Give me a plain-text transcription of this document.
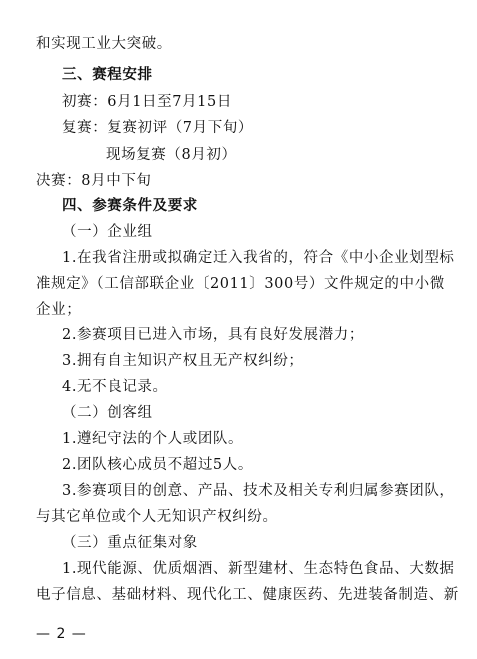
和实现工业大突破。
三、赛程安排
初赛：6月1日至7月15日
复赛：复赛初评（7月下旬）
现场复赛（8月初）
决赛：8月中下旬
四、参赛条件及要求
（一）企业组
1.在我省注册或拟确定迁入我省的，符合《中小企业划型标
准规定》（工信部联企业〔2011〕300号）文件规定的中小微
企业；
2.参赛项目已进入市场，具有良好发展潜力；
3.拥有自主知识产权且无产权纠纷；
4.无不良记录。
（二）创客组
1.遵纪守法的个人或团队。
2.团队核心成员不超过5人。
3.参赛项目的创意、产品、技术及相关专利归属参赛团队，
与其它单位或个人无知识产权纠纷。
（三）重点征集对象
1.现代能源、优质烟酒、新型建材、生态特色食品、大数据
电子信息、基础材料、现代化工、健康医药、先进装备制造、新
— 2 —
